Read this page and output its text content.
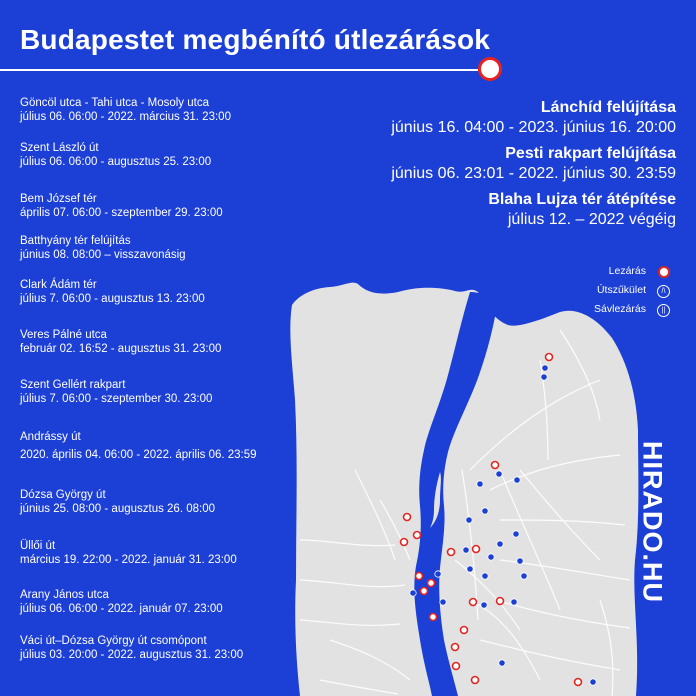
Budapestet megbénító útlezárások
Göncöl utca - Tahi utca - Mosoly utca
július 06. 06:00 - 2022. március 31. 23:00
Szent László út
július 06. 06:00 - augusztus 25. 23:00
Bem József tér
április 07. 06:00 - szeptember 29. 23:00
Batthyány tér felújítás
június 08. 08:00 – visszavonásig
Clark Ádám tér
július 7. 06:00 - augusztus 13. 23:00
Veres Pálné utca
február 02. 16:52 - augusztus 31. 23:00
Szent Gellért rakpart
július 7. 06:00 - szeptember 30. 23:00
Andrássy út
2020. április 04. 06:00 - 2022. április 06. 23:59
Dózsa György út
június 25. 08:00 - augusztus 26. 08:00
Üllői út
március 19. 22:00 - 2022. január 31. 23:00
Arany János utca
július 06. 06:00 - 2022. január 07. 23:00
Váci út–Dózsa György út csomópont
július 03. 20:00 - 2022. augusztus 31. 23:00
Lánchíd felújítása
június 16. 04:00 - 2023. június 16. 20:00
Pesti rakpart felújítása
június 06. 23:01 - 2022. június 30. 23:59
Blaha Lujza tér átépítése
július 12. – 2022 végéig
Lezárás
Útszűkület	/\
Sávlezárás	||
HIRADO.HU
